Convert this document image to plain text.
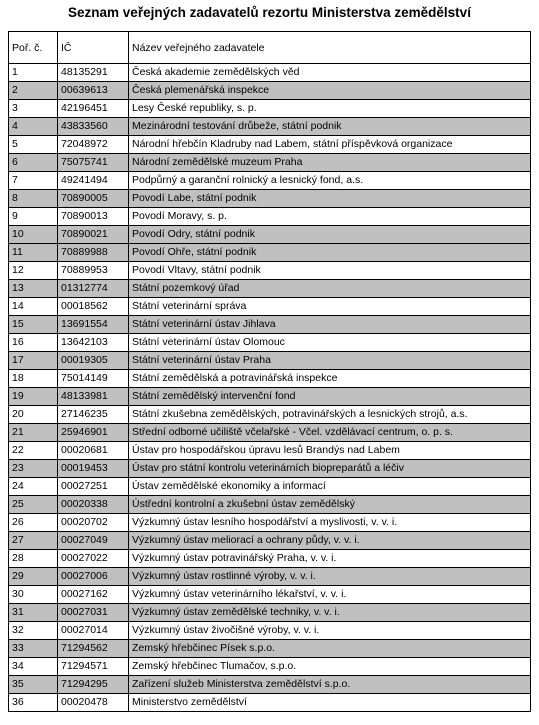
Seznam veřejných zadavatelů rezortu Ministerstva zemědělství
Poř. č.	IČ	Název veřejného zadavatele
1	48135291	Česká akademie zemědělských věd
2	00639613	Česká plemenářská inspekce
3	42196451	Lesy České republiky, s. p.
4	43833560	Mezinárodní testování drůbeže, státní podnik
5	72048972	Národní hřebčín Kladruby nad Labem, státní příspěvková organizace
6	75075741	Národní zemědělské muzeum Praha
7	49241494	Podpůrný a garanční rolnický a lesnický fond, a.s.
8	70890005	Povodí Labe, státní podnik
9	70890013	Povodí Moravy, s. p.
10	70890021	Povodí Odry, státní podnik
11	70889988	Povodí Ohře, státní podnik
12	70889953	Povodí Vltavy, státní podnik
13	01312774	Státní pozemkový úřad
14	00018562	Státní veterinární správa
15	13691554	Státní veterinární ústav Jihlava
16	13642103	Státní veterinární ústav Olomouc
17	00019305	Státní veterinární ústav Praha
18	75014149	Státní zemědělská a potravinářská inspekce
19	48133981	Státní zemědělský intervenční fond
20	27146235	Státní zkušebna zemědělských, potravinářských a lesnických strojů, a.s.
21	25946901	Střední odborné učiliště včelařské - Včel. vzdělávací centrum, o. p. s.
22	00020681	Ústav pro hospodářskou úpravu lesů Brandýs nad Labem
23	00019453	Ústav pro státní kontrolu veterinárních biopreparátů a léčiv
24	00027251	Ústav zemědělské ekonomiky a informací
25	00020338	Ústřední kontrolní a zkušební ústav zemědělský
26	00020702	Výzkumný ústav lesního hospodářství a myslivosti, v. v. i.
27	00027049	Výzkumný ústav meliorací a ochrany půdy, v. v. i.
28	00027022	Výzkumný ústav potravinářský Praha, v. v. i.
29	00027006	Výzkumný ústav rostlinné výroby, v. v. i.
30	00027162	Výzkumný ústav veterinárního lékařství, v. v. i.
31	00027031	Výzkumný ústav zemědělské techniky, v. v. i.
32	00027014	Výzkumný ústav živočišné výroby, v. v. i.
33	71294562	Zemský hřebčinec Písek s.p.o.
34	71294571	Zemský hřebčinec Tlumačov, s.p.o.
35	71294295	Zařízení služeb Ministerstva zemědělství s.p.o.
36	00020478	Ministerstvo zemědělství
